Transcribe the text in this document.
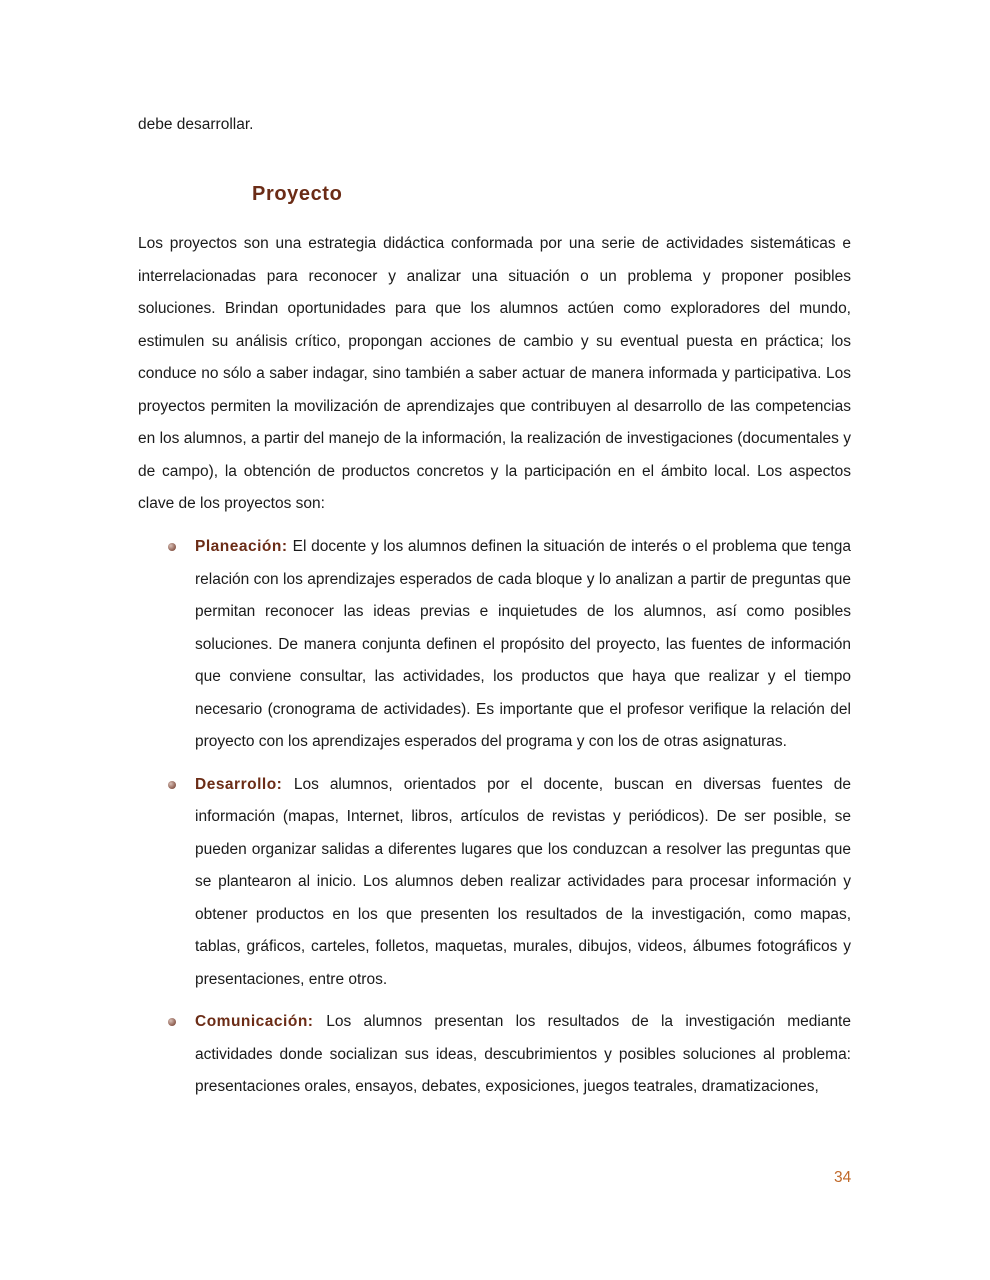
debe desarrollar.

Proyecto

Los proyectos son una estrategia didáctica conformada por una serie de actividades sistemáticas e interrelacionadas para reconocer y analizar una situación o un problema y proponer posibles soluciones. Brindan oportunidades para que los alumnos actúen como exploradores del mundo, estimulen su análisis crítico, propongan acciones de cambio y su eventual puesta en práctica; los conduce no sólo a saber indagar, sino también a saber actuar de manera informada y participativa. Los proyectos permiten la movilización de aprendizajes que contribuyen al desarrollo de las competencias en los alumnos, a partir del manejo de la información, la realización de investigaciones (documentales y de campo), la obtención de productos concretos y la participación en el ámbito local. Los aspectos clave de los proyectos son:

Planeación: El docente y los alumnos definen la situación de interés o el problema que tenga relación con los aprendizajes esperados de cada bloque y lo analizan a partir de preguntas que permitan reconocer las ideas previas e inquietudes de los alumnos, así como posibles soluciones. De manera conjunta definen el propósito del proyecto, las fuentes de información que conviene consultar, las actividades, los productos que haya que realizar y el tiempo necesario (cronograma de actividades). Es importante que el profesor verifique la relación del proyecto con los aprendizajes esperados del programa y con los de otras asignaturas.
Desarrollo: Los alumnos, orientados por el docente, buscan en diversas fuentes de información (mapas, Internet, libros, artículos de revistas y periódicos). De ser posible, se pueden organizar salidas a diferentes lugares que los conduzcan a resolver las preguntas que se plantearon al inicio. Los alumnos deben realizar actividades para procesar información y obtener productos en los que presenten los resultados de la investigación, como mapas, tablas, gráficos, carteles, folletos, maquetas, murales, dibujos, videos, álbumes fotográficos y presentaciones, entre otros.
Comunicación: Los alumnos presentan los resultados de la investigación mediante actividades donde socializan sus ideas, descubrimientos y posibles soluciones al problema: presentaciones orales, ensayos, debates, exposiciones, juegos teatrales, dramatizaciones,

34
